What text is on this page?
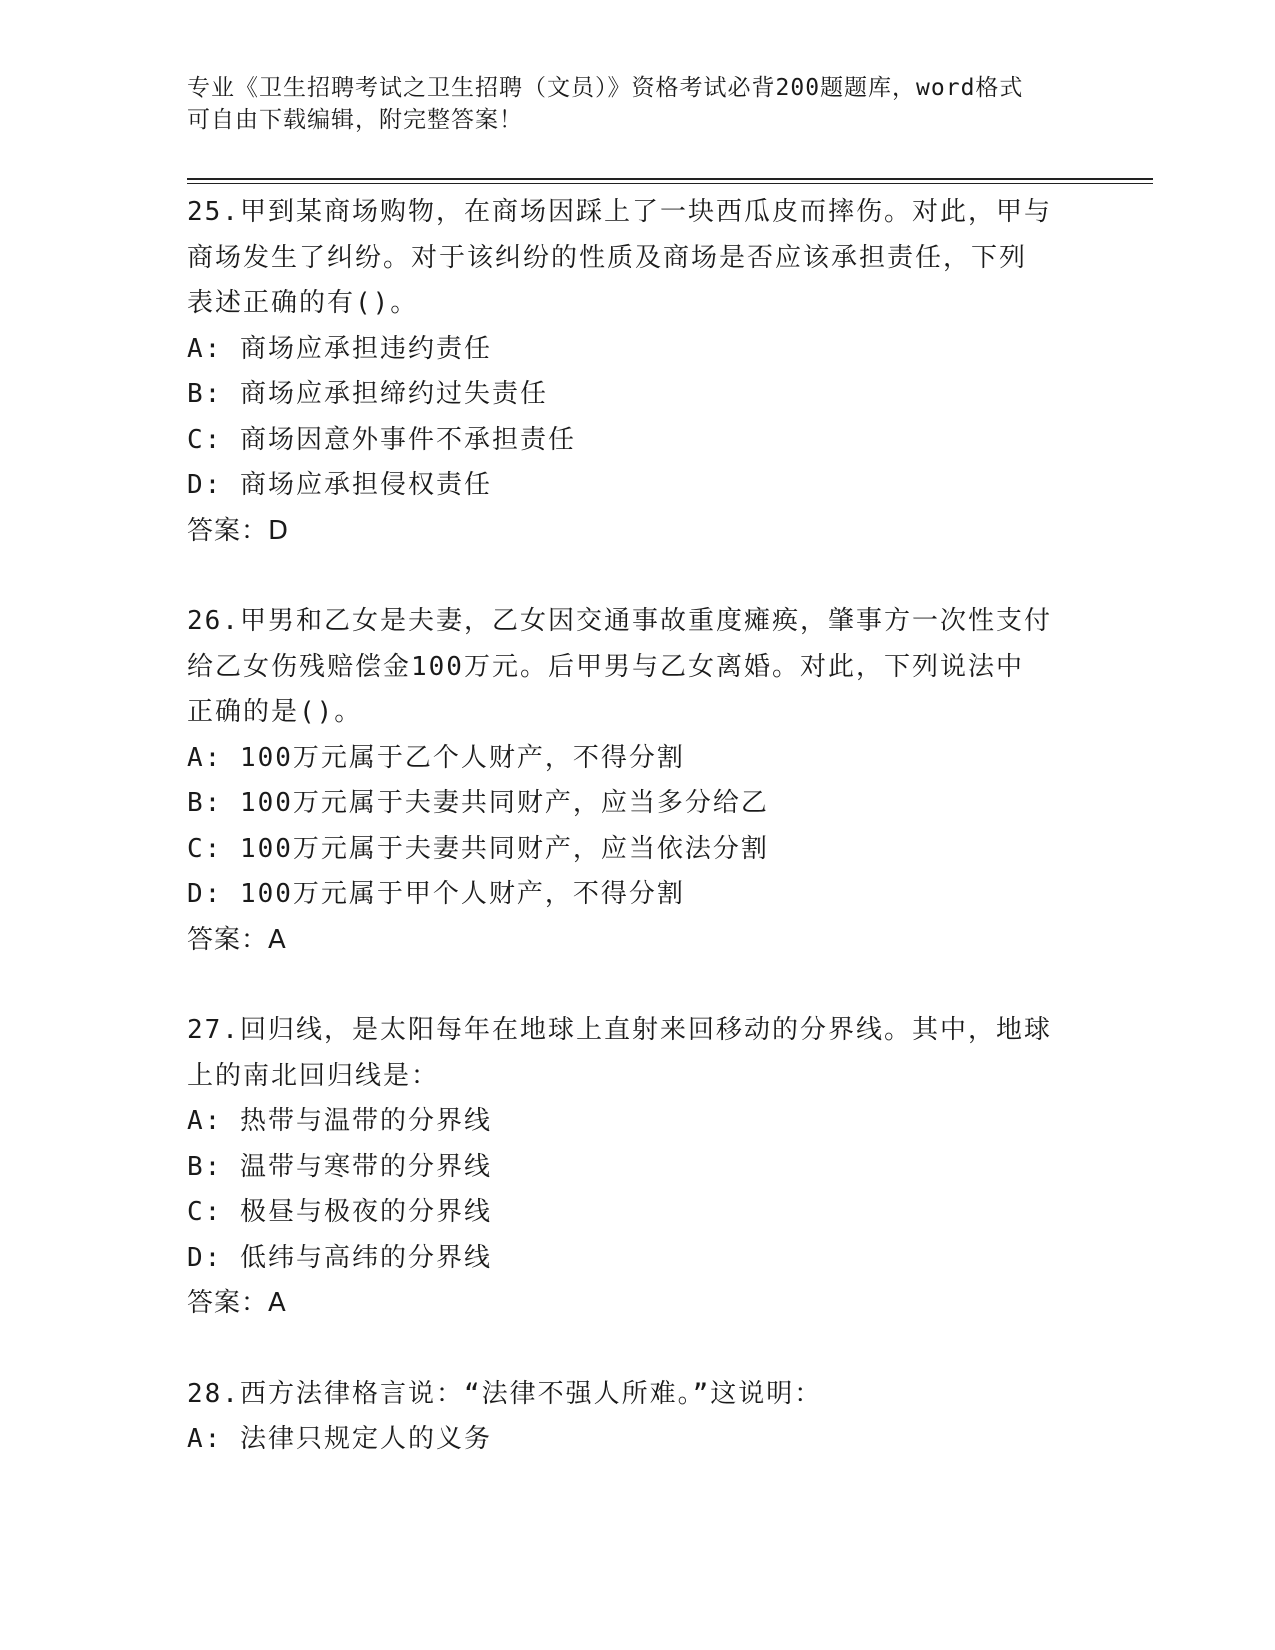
专业《卫生招聘考试之卫生招聘（文员）》资格考试必背200题题库，word格式
可自由下载编辑，附完整答案！
25.甲到某商场购物，在商场因踩上了一块西瓜皮而摔伤。对此，甲与
商场发生了纠纷。对于该纠纷的性质及商场是否应该承担责任，下列
表述正确的有()。
A: 商场应承担违约责任
B: 商场应承担缔约过失责任
C: 商场因意外事件不承担责任
D: 商场应承担侵权责任
答案：D
26.甲男和乙女是夫妻，乙女因交通事故重度瘫痪，肇事方一次性支付
给乙女伤残赔偿金100万元。后甲男与乙女离婚。对此，下列说法中
正确的是()。
A: 100万元属于乙个人财产，不得分割
B: 100万元属于夫妻共同财产，应当多分给乙
C: 100万元属于夫妻共同财产，应当依法分割
D: 100万元属于甲个人财产，不得分割
答案：A
27.回归线，是太阳每年在地球上直射来回移动的分界线。其中，地球
上的南北回归线是：
A: 热带与温带的分界线
B: 温带与寒带的分界线
C: 极昼与极夜的分界线
D: 低纬与高纬的分界线
答案：A
28.西方法律格言说：“法律不强人所难。”这说明：
A: 法律只规定人的义务
